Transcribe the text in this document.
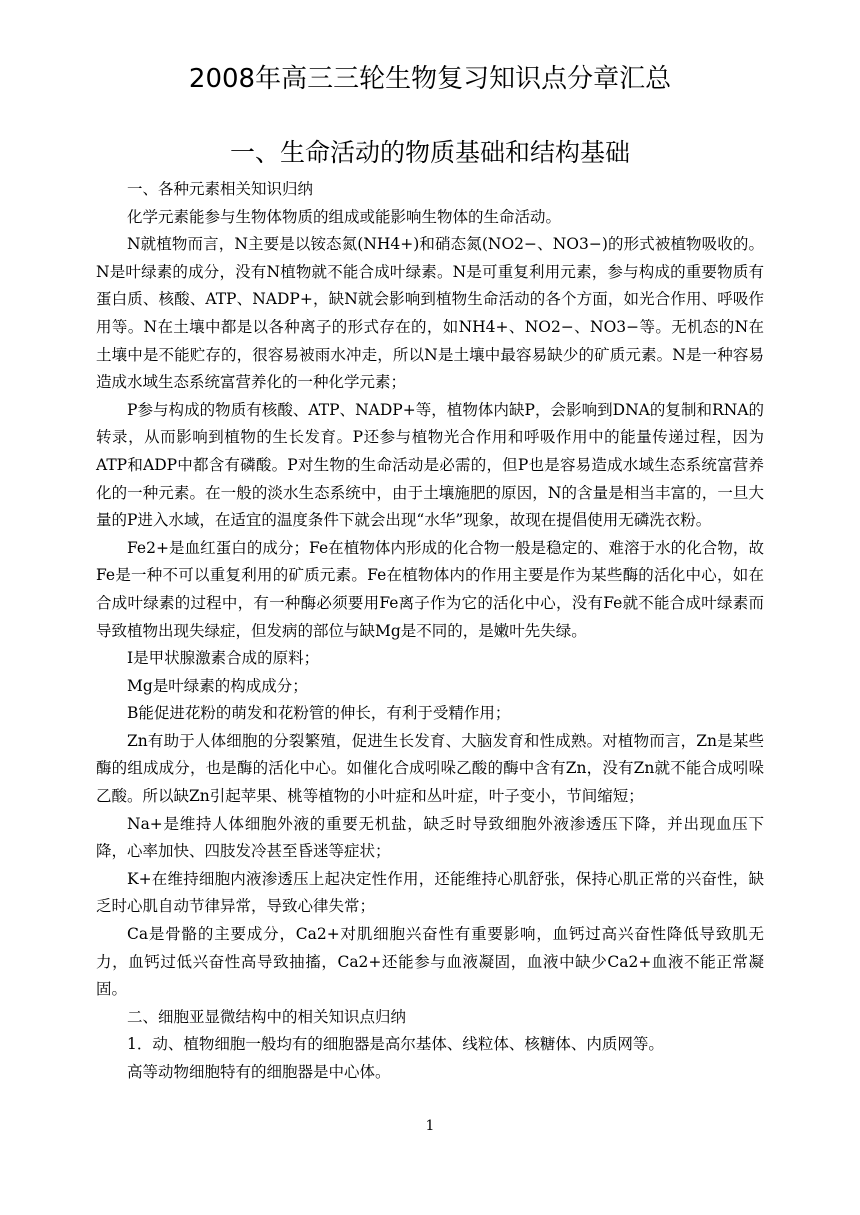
2008年高三三轮生物复习知识点分章汇总
一、生命活动的物质基础和结构基础

一、各种元素相关知识归纳

化学元素能参与生物体物质的组成或能影响生物体的生命活动。

N就植物而言，N主要是以铵态氮(NH4+)和硝态氮(NO2−、NO3−)的形式被植物吸收的。N是叶绿素的成分，没有N植物就不能合成叶绿素。N是可重复利用元素，参与构成的重要物质有蛋白质、核酸、ATP、NADP+，缺N就会影响到植物生命活动的各个方面，如光合作用、呼吸作用等。N在土壤中都是以各种离子的形式存在的，如NH4+、NO2−、NO3−等。无机态的N在土壤中是不能贮存的，很容易被雨水冲走，所以N是土壤中最容易缺少的矿质元素。N是一种容易造成水域生态系统富营养化的一种化学元素；

P参与构成的物质有核酸、ATP、NADP+等，植物体内缺P，会影响到DNA的复制和RNA的转录，从而影响到植物的生长发育。P还参与植物光合作用和呼吸作用中的能量传递过程，因为ATP和ADP中都含有磷酸。P对生物的生命活动是必需的，但P也是容易造成水域生态系统富营养化的一种元素。在一般的淡水生态系统中，由于土壤施肥的原因，N的含量是相当丰富的，一旦大量的P进入水域，在适宜的温度条件下就会出现“水华”现象，故现在提倡使用无磷洗衣粉。

Fe2+是血红蛋白的成分；Fe在植物体内形成的化合物一般是稳定的、难溶于水的化合物，故Fe是一种不可以重复利用的矿质元素。Fe在植物体内的作用主要是作为某些酶的活化中心，如在合成叶绿素的过程中，有一种酶必须要用Fe离子作为它的活化中心，没有Fe就不能合成叶绿素而导致植物出现失绿症，但发病的部位与缺Mg是不同的，是嫩叶先失绿。

I是甲状腺激素合成的原料；

Mg是叶绿素的构成成分；

B能促进花粉的萌发和花粉管的伸长，有利于受精作用；

Zn有助于人体细胞的分裂繁殖，促进生长发育、大脑发育和性成熟。对植物而言，Zn是某些酶的组成成分，也是酶的活化中心。如催化合成吲哚乙酸的酶中含有Zn，没有Zn就不能合成吲哚乙酸。所以缺Zn引起苹果、桃等植物的小叶症和丛叶症，叶子变小，节间缩短；

Na+是维持人体细胞外液的重要无机盐，缺乏时导致细胞外液渗透压下降，并出现血压下降，心率加快、四肢发冷甚至昏迷等症状；

K+在维持细胞内液渗透压上起决定性作用，还能维持心肌舒张，保持心肌正常的兴奋性，缺乏时心肌自动节律异常，导致心律失常；

Ca是骨骼的主要成分，Ca2+对肌细胞兴奋性有重要影响，血钙过高兴奋性降低导致肌无力，血钙过低兴奋性高导致抽搐，Ca2+还能参与血液凝固，血液中缺少Ca2+血液不能正常凝固。

二、细胞亚显微结构中的相关知识点归纳

1．动、植物细胞一般均有的细胞器是高尔基体、线粒体、核糖体、内质网等。

高等动物细胞特有的细胞器是中心体。

1
